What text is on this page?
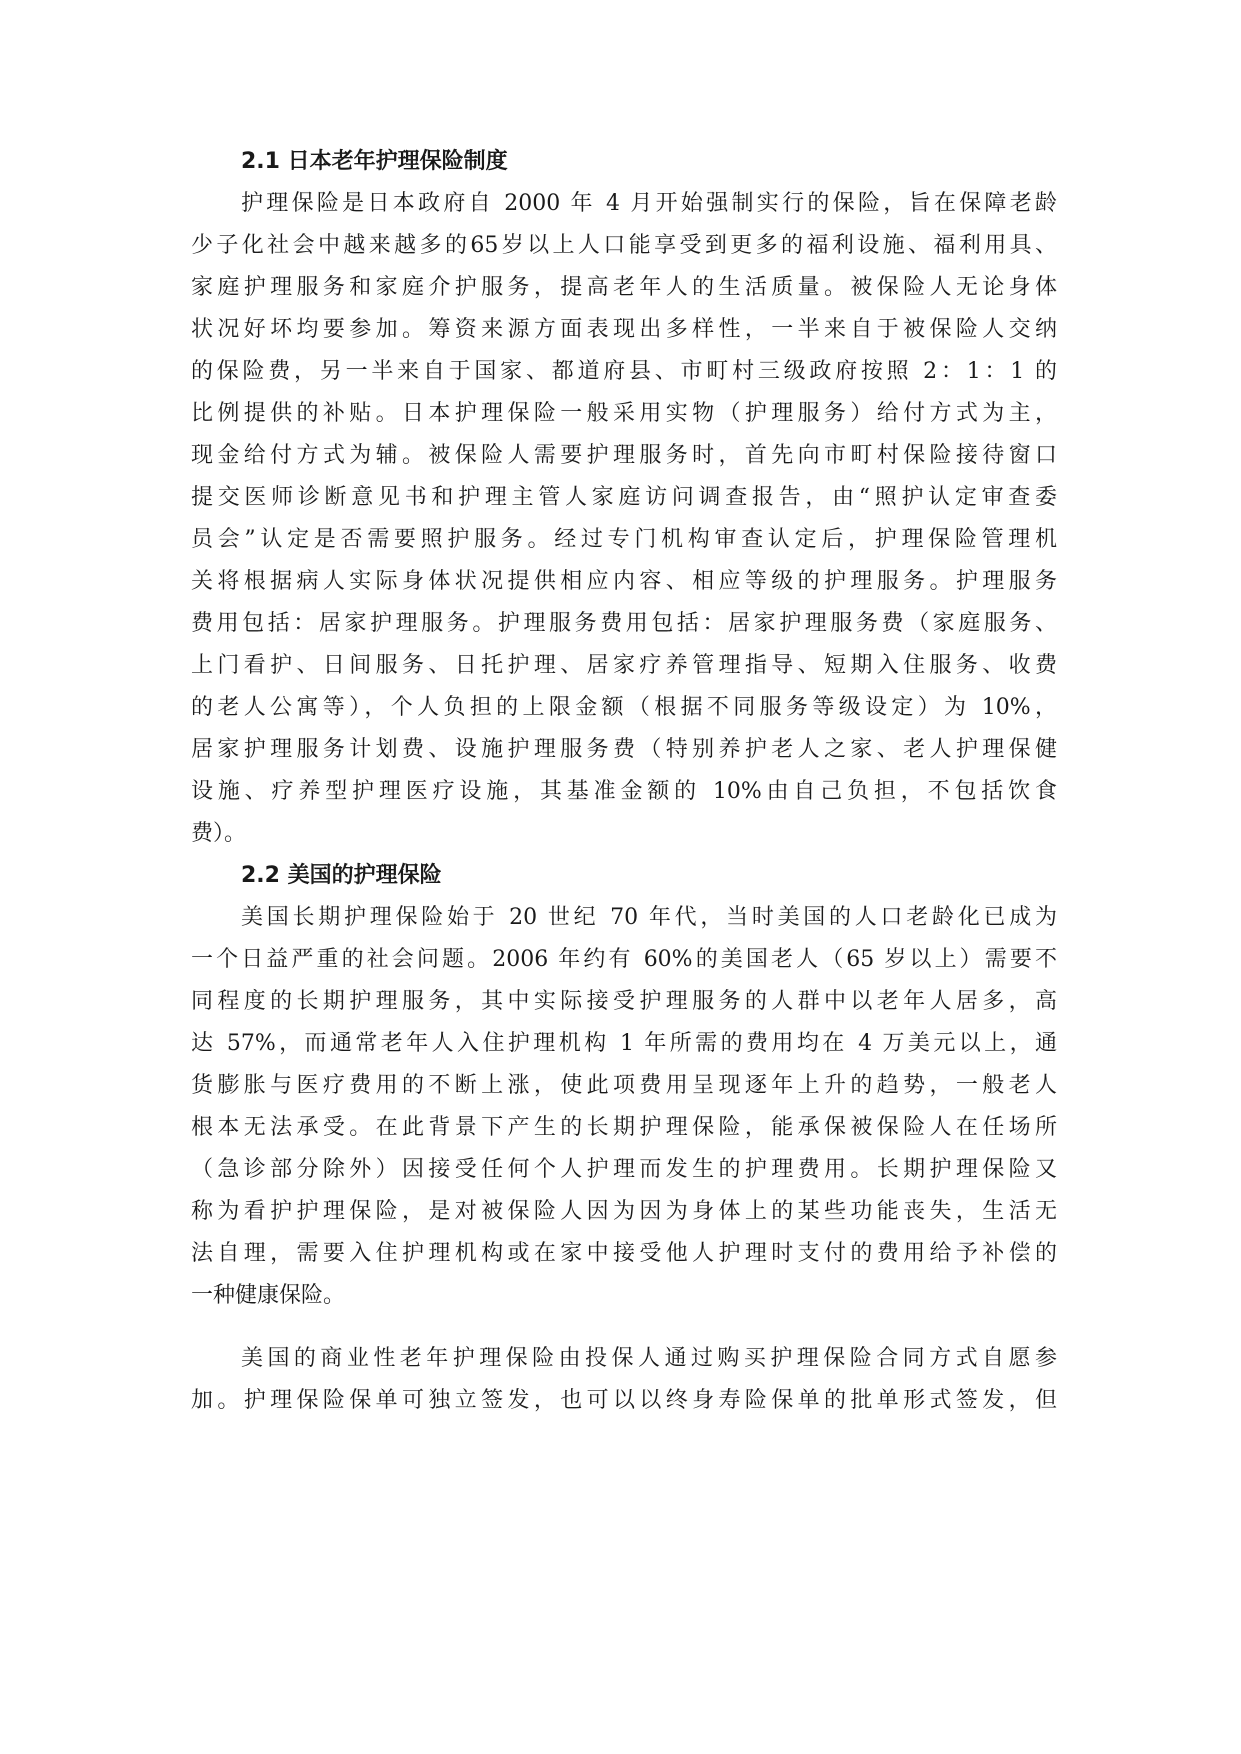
2.1 日本老年护理保险制度
护理保险是日本政府自 2000 年 4 月开始强制实行的保险，旨在保障老龄
少子化社会中越来越多的65岁以上人口能享受到更多的福利设施、福利用具、
家庭护理服务和家庭介护服务，提高老年人的生活质量。被保险人无论身体
状况好坏均要参加。筹资来源方面表现出多样性，一半来自于被保险人交纳
的保险费，另一半来自于国家、都道府县、市町村三级政府按照 2：1：1 的
比例提供的补贴。日本护理保险一般采用实物（护理服务）给付方式为主，
现金给付方式为辅。被保险人需要护理服务时，首先向市町村保险接待窗口
提交医师诊断意见书和护理主管人家庭访问调查报告，由“照护认定审查委
员会”认定是否需要照护服务。经过专门机构审查认定后，护理保险管理机
关将根据病人实际身体状况提供相应内容、相应等级的护理服务。护理服务
费用包括：居家护理服务。护理服务费用包括：居家护理服务费（家庭服务、
上门看护、日间服务、日托护理、居家疗养管理指导、短期入住服务、收费
的老人公寓等），个人负担的上限金额（根据不同服务等级设定）为 10%，
居家护理服务计划费、设施护理服务费（特别养护老人之家、老人护理保健
设施、疗养型护理医疗设施，其基准金额的 10%由自己负担，不包括饮食
费）。
2.2 美国的护理保险
美国长期护理保险始于 20 世纪 70 年代，当时美国的人口老龄化已成为
一个日益严重的社会问题。2006 年约有 60%的美国老人（65 岁以上）需要不
同程度的长期护理服务，其中实际接受护理服务的人群中以老年人居多，高
达 57%，而通常老年人入住护理机构 1 年所需的费用均在 4 万美元以上，通
货膨胀与医疗费用的不断上涨，使此项费用呈现逐年上升的趋势，一般老人
根本无法承受。在此背景下产生的长期护理保险，能承保被保险人在任场所
（急诊部分除外）因接受任何个人护理而发生的护理费用。长期护理保险又
称为看护护理保险，是对被保险人因为因为身体上的某些功能丧失，生活无
法自理，需要入住护理机构或在家中接受他人护理时支付的费用给予补偿的
一种健康保险。
美国的商业性老年护理保险由投保人通过购买护理保险合同方式自愿参
加。护理保险保单可独立签发，也可以以终身寿险保单的批单形式签发，但
